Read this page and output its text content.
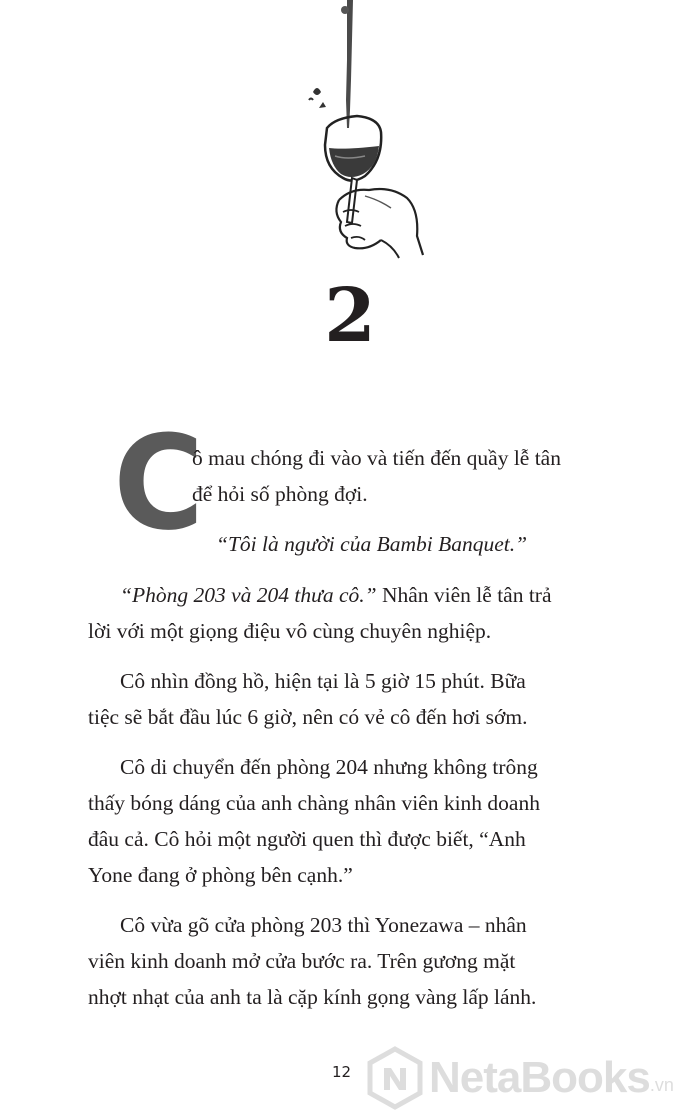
2
C
ô mau chóng đi vào và tiến đến quầy lễ tân
để hỏi số phòng đợi.
“Tôi là người của Bambi Banquet.”
“Phòng 203 và 204 thưa cô.” Nhân viên lễ tân trả
lời với một giọng điệu vô cùng chuyên nghiệp.
Cô nhìn đồng hồ, hiện tại là 5 giờ 15 phút. Bữa
tiệc sẽ bắt đầu lúc 6 giờ, nên có vẻ cô đến hơi sớm.
Cô di chuyển đến phòng 204 nhưng không trông
thấy bóng dáng của anh chàng nhân viên kinh doanh
đâu cả. Cô hỏi một người quen thì được biết, “Anh
Yone đang ở phòng bên cạnh.”
Cô vừa gõ cửa phòng 203 thì Yonezawa – nhân
viên kinh doanh mở cửa bước ra. Trên gương mặt
nhợt nhạt của anh ta là cặp kính gọng vàng lấp lánh.
12 NetaBooks .vn
